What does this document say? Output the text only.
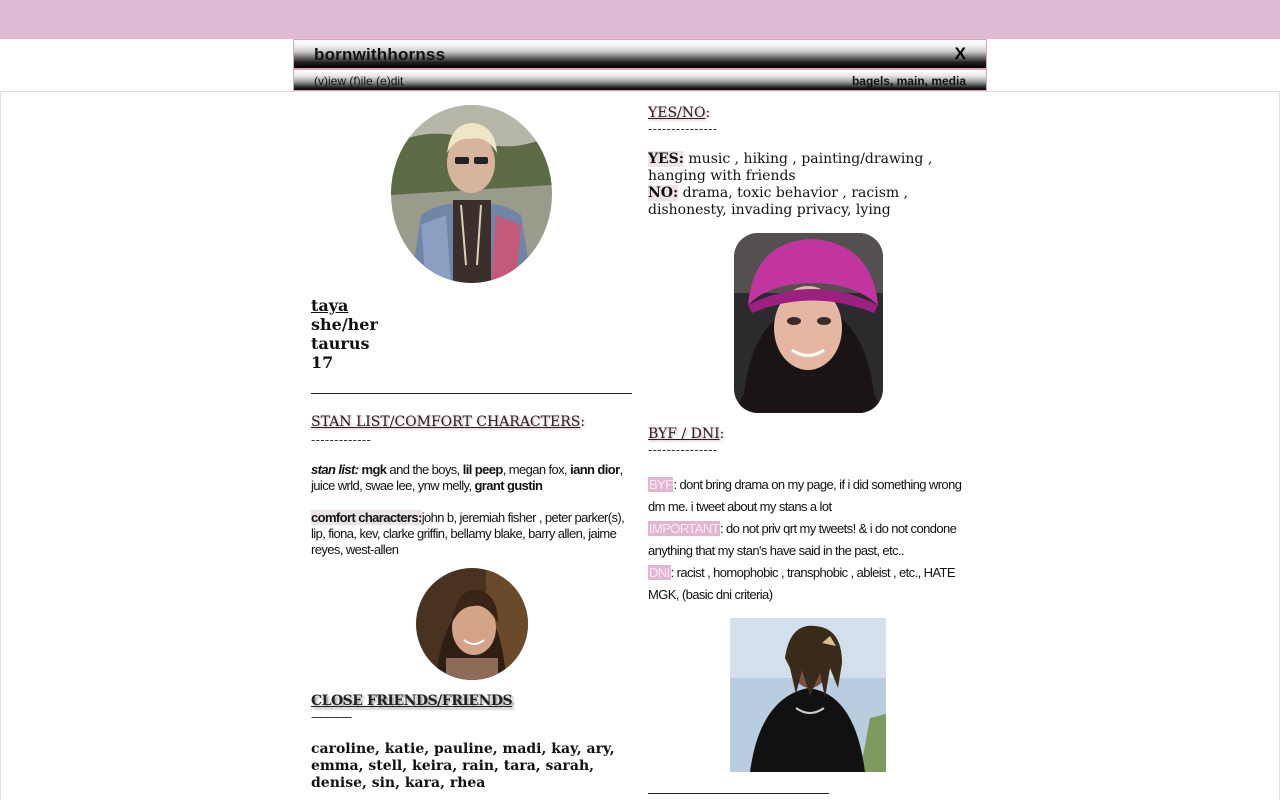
bornwithhornss	X
(v)iew (f)ile (e)dit	bagels, main, media
taya
she/her
taurus
17
STAN LIST/COMFORT CHARACTERS:
-------------
stan list: mgk and the boys, lil peep, megan fox, iann dior, juice wrld, swae lee, ynw melly, grant gustin
comfort characters:john b, jeremiah fisher , peter parker(s), lip, fiona, kev, clarke griffin, bellamy blake, barry allen, jaime reyes, west-allen
CLOSE FRIENDS/FRIENDS
------------
caroline, katie, pauline, madi, kay, ary, emma, stell, keira, rain, tara, sarah, denise, sin, kara, rhea
YES/NO:
---------------
YES: music , hiking , painting/drawing , hanging with friends
NO: drama, toxic behavior , racism , dishonesty, invading privacy, lying
BYF / DNI:
---------------
BYF: dont bring drama on my page, if i did something wrong dm me. i tweet about my stans a lot
IMPORTANT: do not priv qrt my tweets! & i do not condone anything that my stan's have said in the past, etc..
DNI: racist , homophobic , transphobic , ableist , etc., HATE MGK, (basic dni criteria)
